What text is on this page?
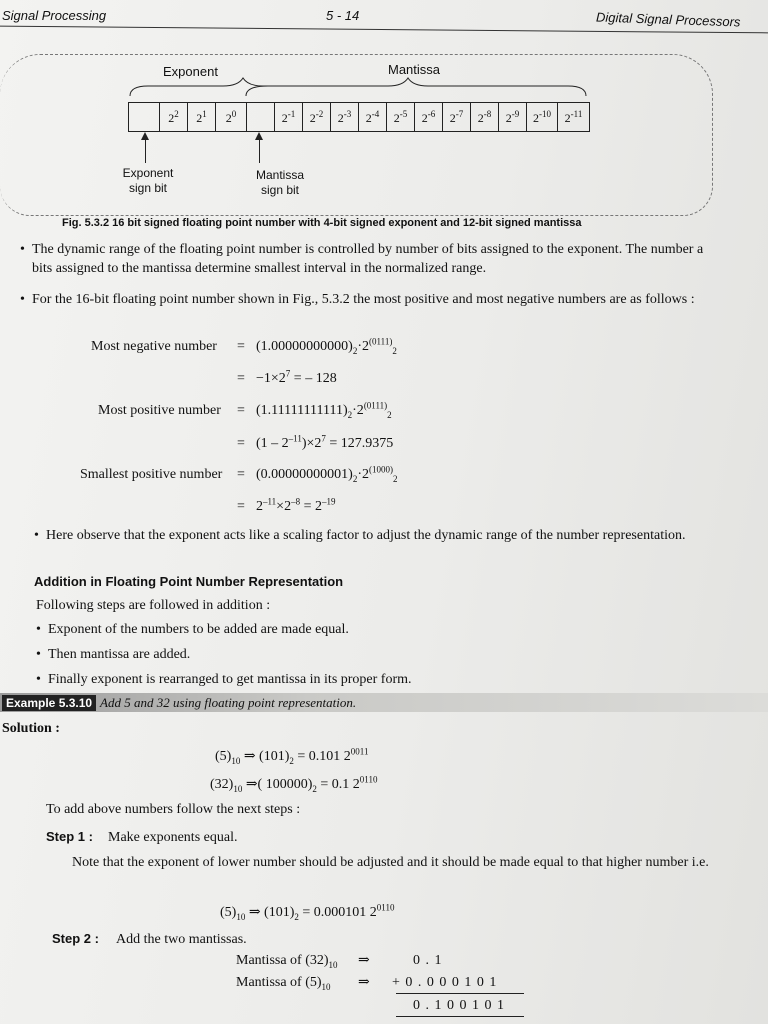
Signal Processing	5 - 14	Digital Signal Processors
Exponent	Mantissa
$2^2$	$2^1$	$2^0$	$2^{-1}$	$2^{-2}$	$2^{-3}$	$2^{-4}$	$2^{-5}$	$2^{-6}$	$2^{-7}$	$2^{-8}$	$2^{-9}$	$2^{-10}$	$2^{-11}$
Exponent
sign bit
Mantissa
sign bit
Fig. 5.3.2 16 bit signed floating point number with 4-bit signed exponent and 12-bit signed mantissa
• The dynamic range of the floating point number is controlled by number of bits assigned to the exponent. The number a bits assigned to the mantissa determine smallest interval in the normalized range.
• For the 16-bit floating point number shown in Fig., 5.3.2 the most positive and most negative numbers are as follows :
Most negative number = $(1.00000000000)_2\cdot 2^{(0111)}_2$
= $-1\times 2^7$ = – 128
Most positive number = $(1.11111111111)_2\cdot 2^{(0111)}_2$
= $(1 - 2^{-11})\times 2^7 = 127.9375$
Smallest positive number = $(0.00000000001)_2\cdot 2^{(1000)}_2$
= $2^{-11}\times 2^{-8} = 2^{-19}$
• Here observe that the exponent acts like a scaling factor to adjust the dynamic range of the number representation.
Addition in Floating Point Number Representation
Following steps are followed in addition :
• Exponent of the numbers to be added are made equal.
• Then mantissa are added.
• Finally exponent is rearranged to get mantissa in its proper form.
Example 5.3.10 Add 5 and 32 using floating point representation.
Solution :
$(5)_{10}$ ⇒ $(101)_2 = 0.101$ $2^{0011}$
$(32)_{10}$ ⇒( $100000)_2 = 0.1$ $2^{0110}$
To add above numbers follow the next steps :
Step 1 : Make exponents equal.
Note that the exponent of lower number should be adjusted and it should be made equal to that higher number i.e.
$(5)_{10}$ ⇒ $(101)_2 = 0.000101$ $2^{0110}$
Step 2 : Add the two mantissas.
Mantissa of $(32)_{10}$ ⇒ 0 . 1
Mantissa of $(5)_{10}$ ⇒ + 0 . 0 0 0 1 0 1
0 . 1 0 0 1 0 1
